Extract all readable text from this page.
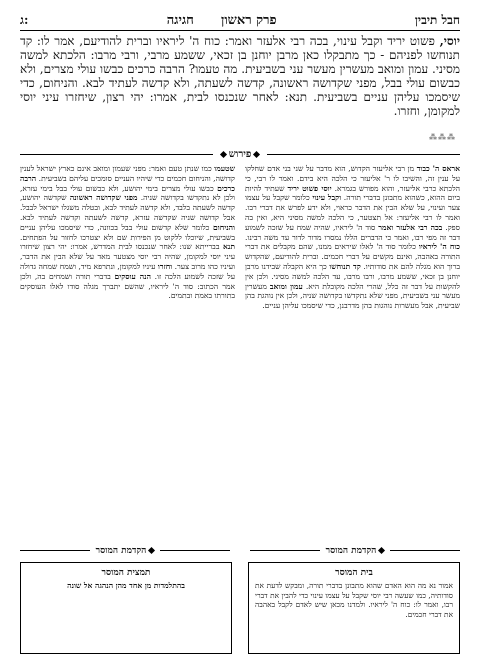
חבל תיבין
פרק ראשון      חגיגה
ג:
יוסי, פשוט יריד וקבל עינוי, בכה רבי אלעזר ואמר: כוח ה' ליראיו וברית להודיעם, אמר לו: קד תנוחשו לפניהם - כך מתבקלו כאן מרבן יוחנן בן זכאי, ששמע מרבי, ורבי מרבו: הלכתא למשה מסיני. עמון ומואב מעשרין מעשר עני בשביעית. מה טעמו? הרבה כרכים כבשו עולי מצרים, ולא כבשום עולי בבל, מפני שקדושה ראשונה, קדשה לשעתה, ולא קדשה לעתיד לבא. והניחום, כדי שיסמכו עליהן עניים בשביעית. תנא: לאחר שנכנסו לבית, אמרו: יהי רצון, שיחזרו עיני יוסי למקומן, וחזרו.
⁂⁂⁂
פירוש
אראס ה' כבוד מן רבי אליעזר הקדוש, הוא מדבר על שני בני אדם שחלקו על ענין זה, והשיבו לו ר' אליעזר כי הלכה היא בידם. ואמר לו רבי, כי הלכתא כרבי אליעזר, והוא מפורש בגמרא. יוסי פשוט יריד שעתיד להיות ביום ההוא, כשהוא מתבונן בדברי תורה. וקבל עינוי כלומר שקבל על עצמו צער ועינוי, על שלא הבין את הדבר כראוי, ולא ידע לפרש את דברי רבו. ואמר לו רבי אליעזר: אל תצטער, כי הלכה למשה מסיני היא, ואין בה ספק. בכה רבי אלעזר ואמר סוד ה' ליראיו, שהיה שמח על שזכה לשמוע דבר זה מפי רבו, ואמר כי הדברים הללו נמסרו מדור לדור עד משה רבינו. כוח ה' ליראיו כלומר סוד ה' לאלו שיראים ממנו, שהם מקבלים את דברי התורה באהבה, ואינם מקשים על דברי חכמים. וברית להודיעם, שהקדוש ברוך הוא מגלה להם את סודותיו. קד תנוחשו כך היא הקבלה שבידנו מרבן יוחנן בן זכאי, ששמע מרבו, ורבו מרבו, עד הלכה למשה מסיני. ולכן אין להקשות על דבר זה כלל, שהרי הלכה מקובלת היא. עמון ומואב מעשרין מעשר עני בשביעית, מפני שלא נתקדשו בקדושה שניה, ולכן אין נוהגת בהן שביעית, אבל מעשרות נוהגות בהן מדרבנן, כדי שיסמכו עליהן עניים.
שטעמו כמו שנתן טעם ואמר: מפני שעמון ומואב אינם כארץ ישראל לענין קדושה, והניחום חכמים כדי שיהיו העניים סומכים עליהם בשביעית. הרבה כרכים כבשו עולי מצרים בימי יהושע, ולא כבשום עולי בבל בימי עזרא, ולכן לא נתקדשו בקדושה שניה. מפני שקדושה ראשונה שקדשה יהושע, קדשה לשעתה בלבד, ולא קדשה לעתיד לבא, ובטלה משגלו ישראל לבבל. אבל קדושה שניה שקדשה עזרא, קדשה לשעתה וקדשה לעתיד לבא. והניחום כלומר שלא קדשום עולי בבל בכוונה, כדי שיסמכו עליהן עניים בשביעית, שיוכלו ללקוט מן הפירות שם ולא יצטרכו לחזור על הפתחים. תנא בברייתא שנו: לאחר שנכנסו לבית המדרש, אמרו: יהי רצון שיחזרו עיני יוסי למקומן, שהיה רבי יוסי מצטער מאד על שלא הבין את הדבר, ועיניו כהו מרוב צער. וחזרו עיניו למקומן, ונתרפא מיד, ושמח שמחה גדולה על שזכה לשמוע הלכה זו. הנה עוסקים בדברי תורה ושמחים בה, ולכן אמר הכתוב: סוד ה' ליראיו, שהשם יתברך מגלה סודו לאלו העוסקים בתורתו באמת ובתמים.
הקדמת המוסר
הקדמת המוסר
בית המוסר
אמור נא מה הוא האדם שהוא מתבונן בדברי תורה, ומבקש לדעת את סודותיה, כמו שעשה רבי יוסי שקבל על עצמו עינוי כדי להבין את דברי רבו, ואמר לו: כוח ה' ליראיו. ולמדנו מכאן שיש לאדם לקבל באהבה את דברי חכמים.
תמצית המוסר
בהתלמדות מן אחד מהן הנהגה אל שונה
